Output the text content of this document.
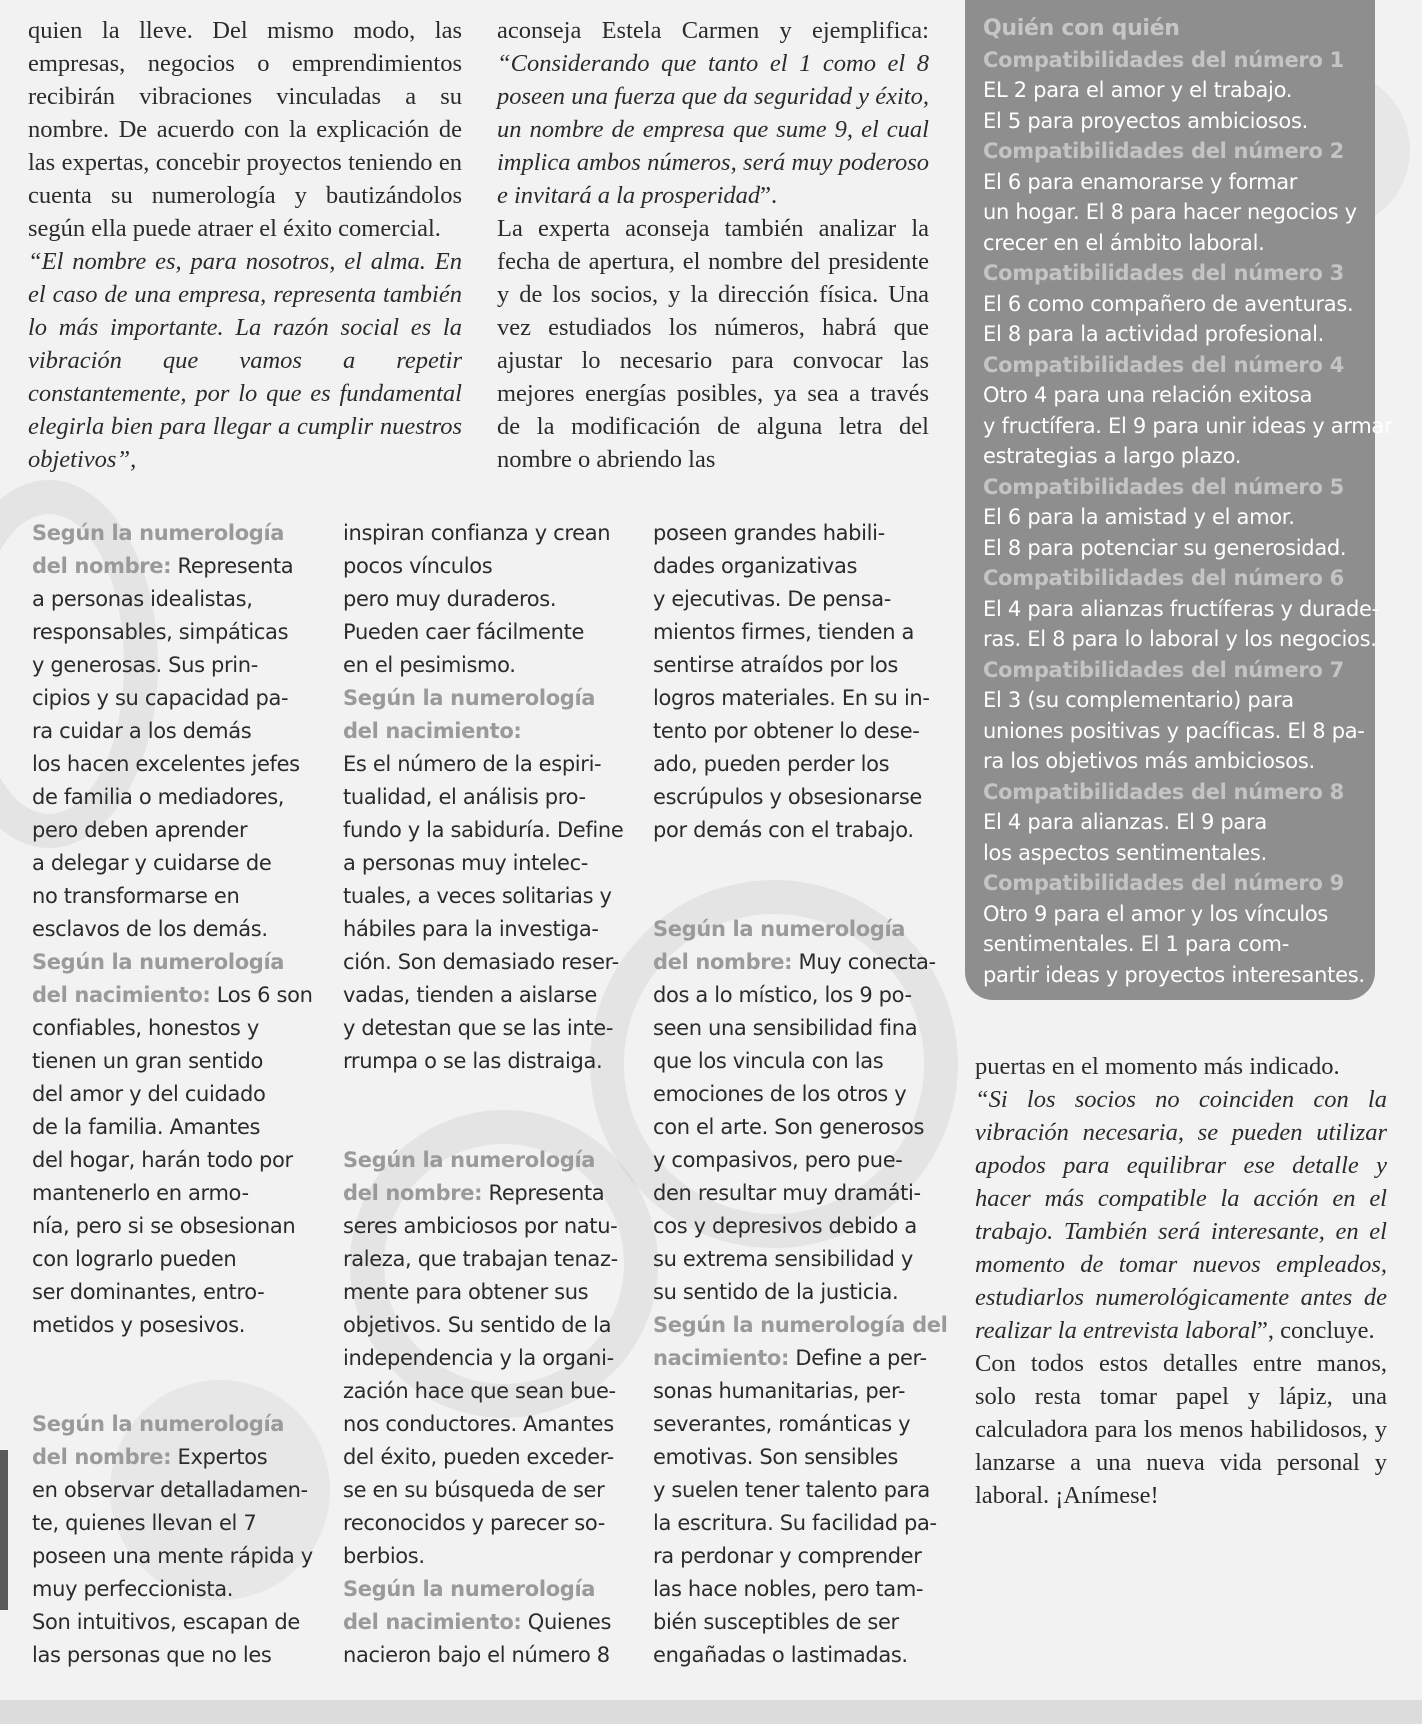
quien la lleve. Del mismo modo, las empresas, negocios o emprendimientos recibirán vibraciones vinculadas a su nombre. De acuerdo con la explicación de las expertas, concebir proyectos teniendo en cuenta su numerología y bautizándolos según ella puede atraer el éxito comercial.

“El nombre es, para nosotros, el alma. En el caso de una empresa, representa también lo más importante. La razón social es la vibración que vamos a repetir constantemente, por lo que es fundamental elegirla bien para llegar a cumplir nuestros objetivos”,

aconseja Estela Carmen y ejemplifica: “Considerando que tanto el 1 como el 8 poseen una fuerza que da seguridad y éxito, un nombre de empresa que sume 9, el cual implica ambos números, será muy poderoso e invitará a la prosperidad”.

La experta aconseja también analizar la fecha de apertura, el nombre del presidente y de los socios, y la dirección física. Una vez estudiados los números, habrá que ajustar lo necesario para convocar las mejores energías posibles, ya sea a través de la modificación de alguna letra del nombre o abriendo las

Quién con quién
Compatibilidades del número 1
EL 2 para el amor y el trabajo.
El 5 para proyectos ambiciosos.
Compatibilidades del número 2
El 6 para enamorarse y formar
un hogar. El 8 para hacer negocios y
crecer en el ámbito laboral.
Compatibilidades del número 3
El 6 como compañero de aventuras.
El 8 para la actividad profesional.
Compatibilidades del número 4
Otro 4 para una relación exitosa
y fructífera. El 9 para unir ideas y armar
estrategias a largo plazo.
Compatibilidades del número 5
El 6 para la amistad y el amor.
El 8 para potenciar su generosidad.
Compatibilidades del número 6
El 4 para alianzas fructíferas y durade-
ras. El 8 para lo laboral y los negocios.
Compatibilidades del número 7
El 3 (su complementario) para
uniones positivas y pacíficas. El 8 pa-
ra los objetivos más ambiciosos.
Compatibilidades del número 8
El 4 para alianzas. El 9 para
los aspectos sentimentales.
Compatibilidades del número 9
Otro 9 para el amor y los vínculos
sentimentales. El 1 para com-
partir ideas y proyectos interesantes.
Según la numerología
del nombre: Representa
a personas idealistas,
responsables, simpáticas
y generosas. Sus prin-
cipios y su capacidad pa-
ra cuidar a los demás
los hacen excelentes jefes
de familia o mediadores,
pero deben aprender
a delegar y cuidarse de
no transformarse en
esclavos de los demás.
Según la numerología
del nacimiento: Los 6 son
confiables, honestos y
tienen un gran sentido
del amor y del cuidado
de la familia. Amantes
del hogar, harán todo por
mantenerlo en armo-
nía, pero si se obsesionan
con lograrlo pueden
ser dominantes, entro-
metidos y posesivos.
Según la numerología
del nombre: Expertos
en observar detalladamen-
te, quienes llevan el 7
poseen una mente rápida y
muy perfeccionista.
Son intuitivos, escapan de
las personas que no les
inspiran confianza y crean
pocos vínculos
pero muy duraderos.
Pueden caer fácilmente
en el pesimismo.
Según la numerología
del nacimiento:
Es el número de la espiri-
tualidad, el análisis pro-
fundo y la sabiduría. Define
a personas muy intelec-
tuales, a veces solitarias y
hábiles para la investiga-
ción. Son demasiado reser-
vadas, tienden a aislarse
y detestan que se las inte-
rrumpa o se las distraiga.
Según la numerología
del nombre: Representa
seres ambiciosos por natu-
raleza, que trabajan tenaz-
mente para obtener sus
objetivos. Su sentido de la
independencia y la organi-
zación hace que sean bue-
nos conductores. Amantes
del éxito, pueden exceder-
se en su búsqueda de ser
reconocidos y parecer so-
berbios.
Según la numerología
del nacimiento: Quienes
nacieron bajo el número 8
poseen grandes habili-
dades organizativas
y ejecutivas. De pensa-
mientos firmes, tienden a
sentirse atraídos por los
logros materiales. En su in-
tento por obtener lo dese-
ado, pueden perder los
escrúpulos y obsesionarse
por demás con el trabajo.
Según la numerología
del nombre: Muy conecta-
dos a lo místico, los 9 po-
seen una sensibilidad fina
que los vincula con las
emociones de los otros y
con el arte. Son generosos
y compasivos, pero pue-
den resultar muy dramáti-
cos y depresivos debido a
su extrema sensibilidad y
su sentido de la justicia.
Según la numerología del
nacimiento: Define a per-
sonas humanitarias, per-
severantes, románticas y
emotivas. Son sensibles
y suelen tener talento para
la escritura. Su facilidad pa-
ra perdonar y comprender
las hace nobles, pero tam-
bién susceptibles de ser
engañadas o lastimadas.

puertas en el momento más indicado.

“Si los socios no coinciden con la vibración necesaria, se pueden utilizar apodos para equilibrar ese detalle y hacer más compatible la acción en el trabajo. También será interesante, en el momento de tomar nuevos empleados, estudiarlos numerológicamente antes de realizar la entrevista laboral”, concluye.

Con todos estos detalles entre manos, solo resta tomar papel y lápiz, una calculadora para los menos habilidosos, y lanzarse a una nueva vida personal y laboral. ¡Anímese!
